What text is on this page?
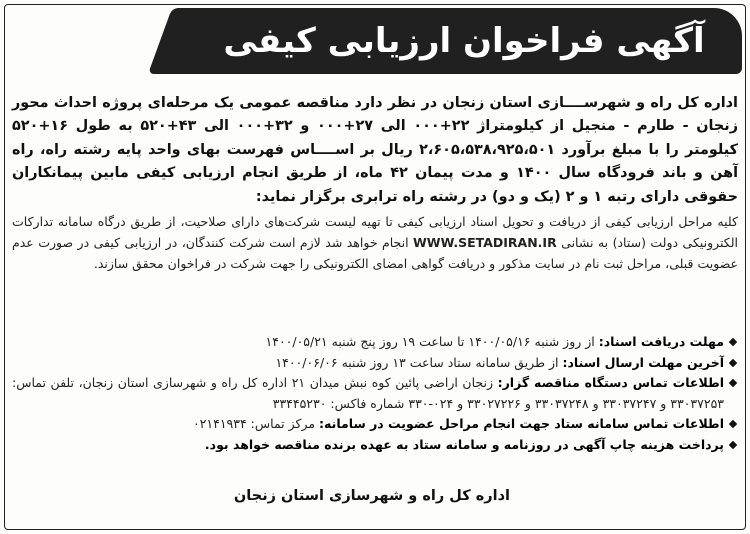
آگهی فراخوان ارزیابی کیفی
اداره کل راه و شهرســــازی استان زنجان در نظر دارد مناقصه عمومی یک مرحله‌ای پروژه احداث محور زنجان - طارم - منجیل از کیلومتراژ ۲۲+۰۰۰ الی ۲۷+۰۰۰ و ۳۲+۰۰۰ الی ۴۳+۵۲۰ به طول ۱۶+۵۲۰ کیلومتر را با مبلغ برآورد ۲،۶۰۵،۵۳۸،۹۲۵،۵۰۱ ریال بر اســــاس فهرست بهای واحد پایه رشته راه، راه آهن و باند فرودگاه سال ۱۴۰۰ و مدت پیمان ۴۲ ماه، از طریق انجام ارزیابی کیفی مابین پیمانکاران حقوقی دارای رتبه ۱ و ۲ (یک و دو) در رشته راه ترابری برگزار نماید:
کلیه مراحل ارزیابی کیفی از دریافت و تحویل اسناد ارزیابی کیفی تا تهیه لیست شرکت‌های دارای صلاحیت، از طریق درگاه سامانه تدارکات الکترونیکی دولت (ستاد) به نشانی WWW.SETADIRAN.IR انجام خواهد شد لازم است شرکت کنندگان، در ارزیابی کیفی در صورت عدم عضویت قبلی، مراحل ثبت نام در سایت مذکور و دریافت گواهی امضای الکترونیکی را جهت شرکت در فراخوان محقق سازند.
مهلت دریافت اسناد: از روز شنبه ۱۴۰۰/۰۵/۱۶ تا ساعت ۱۹ روز پنج شنبه ۱۴۰۰/۰۵/۲۱
آخرین مهلت ارسال اسناد: از طریق سامانه ستاد ساعت ۱۳ روز شنبه ۱۴۰۰/۰۶/۰۶
اطلاعات تماس دستگاه مناقصه گزار: زنجان اراضی پائین کوه نبش میدان ۲۱ اداره کل راه و شهرسازی استان زنجان، تلفن تماس: ۳۳۰۳۷۲۵۳ و ۳۳۰۳۷۲۴۷ و ۳۳۰۳۷۲۴۸ و ۳۳۰۲۷۲۲۶ و ۰۲۴-۳۳۰ شماره فاکس: ۳۳۴۴۵۲۳۰
اطلاعات تماس سامانه ستاد جهت انجام مراحل عضویت در سامانه: مرکز تماس: ۰۲۱۴۱۹۳۴
پرداخت هزینه چاپ آگهی در روزنامه و سامانه ستاد به عهده برنده مناقصه خواهد بود.
اداره کل راه و شهرسازی استان زنجان
